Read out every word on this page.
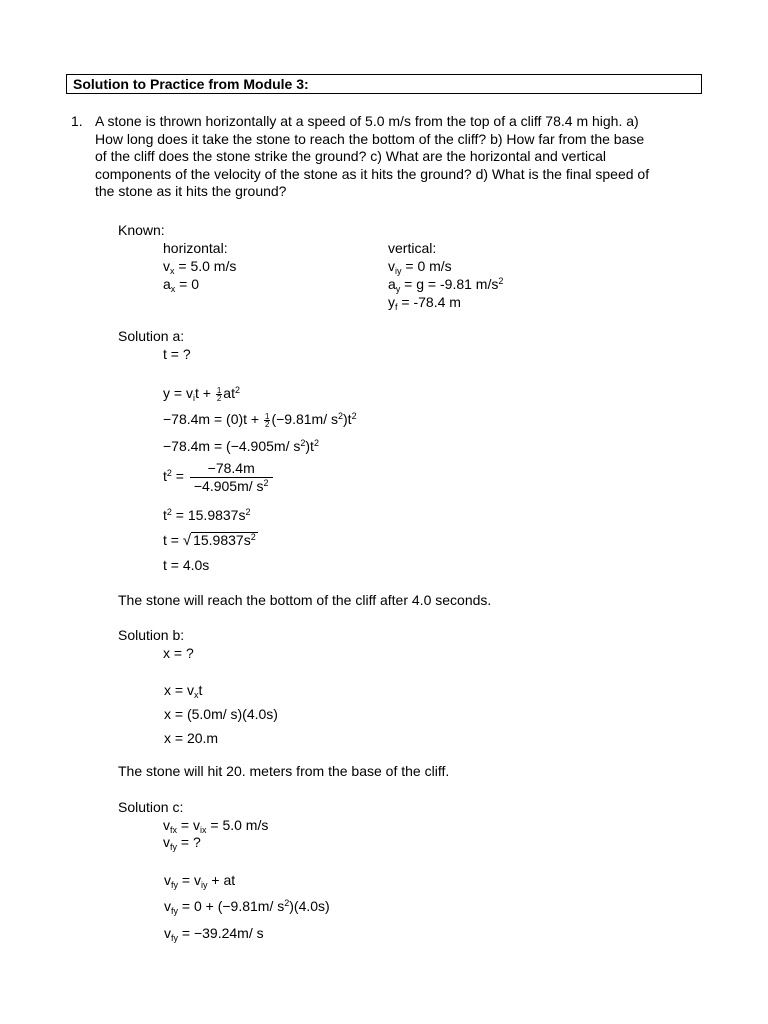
Solution to Practice from Module 3:
1. A stone is thrown horizontally at a speed of 5.0 m/s from the top of a cliff 78.4 m high. a)
How long does it take the stone to reach the bottom of the cliff? b) How far from the base
of the cliff does the stone strike the ground? c) What are the horizontal and vertical
components of the velocity of the stone as it hits the ground? d) What is the final speed of
the stone as it hits the ground?
Known:
horizontal:	vertical:
$v_x = 5.0$ m/s
$a_x = 0$
$v_{iy} = 0$ m/s
$a_y = g = -9.81$ $m/s^2$
$y_f = -78.4$ m
Solution a:
t = ?
$y = v_it + \frac{1}{2} at^2$
$-78.4m = (0)t + \frac{1}{2} (-9.81m/$ $s^2)t^2$
−78.4m = (−4.905m/ $s^2)t^2$
$t^2 = \frac{-78.4m}{-4.905m/ s^2}$
$t^2 = 15.9837s^2$
t = √ $15.9837s^2$
t = 4.0s
The stone will reach the bottom of the cliff after 4.0 seconds.
Solution b:
x = ?
$x = v_xt$
x = (5.0m/ s)(4.0s)
x = 20.m
The stone will hit 20. meters from the base of the cliff.
Solution c:
$v_{fx} = v_{ix} = 5.0$ m/s
$v_{fy}$ = ?
$v_{fy} = v_{iy}$ + at
$v_{fy} = 0 + (-9.81m/$ $s^2)(4.0s)$
$v_{fy} = -39.24m/$ s
